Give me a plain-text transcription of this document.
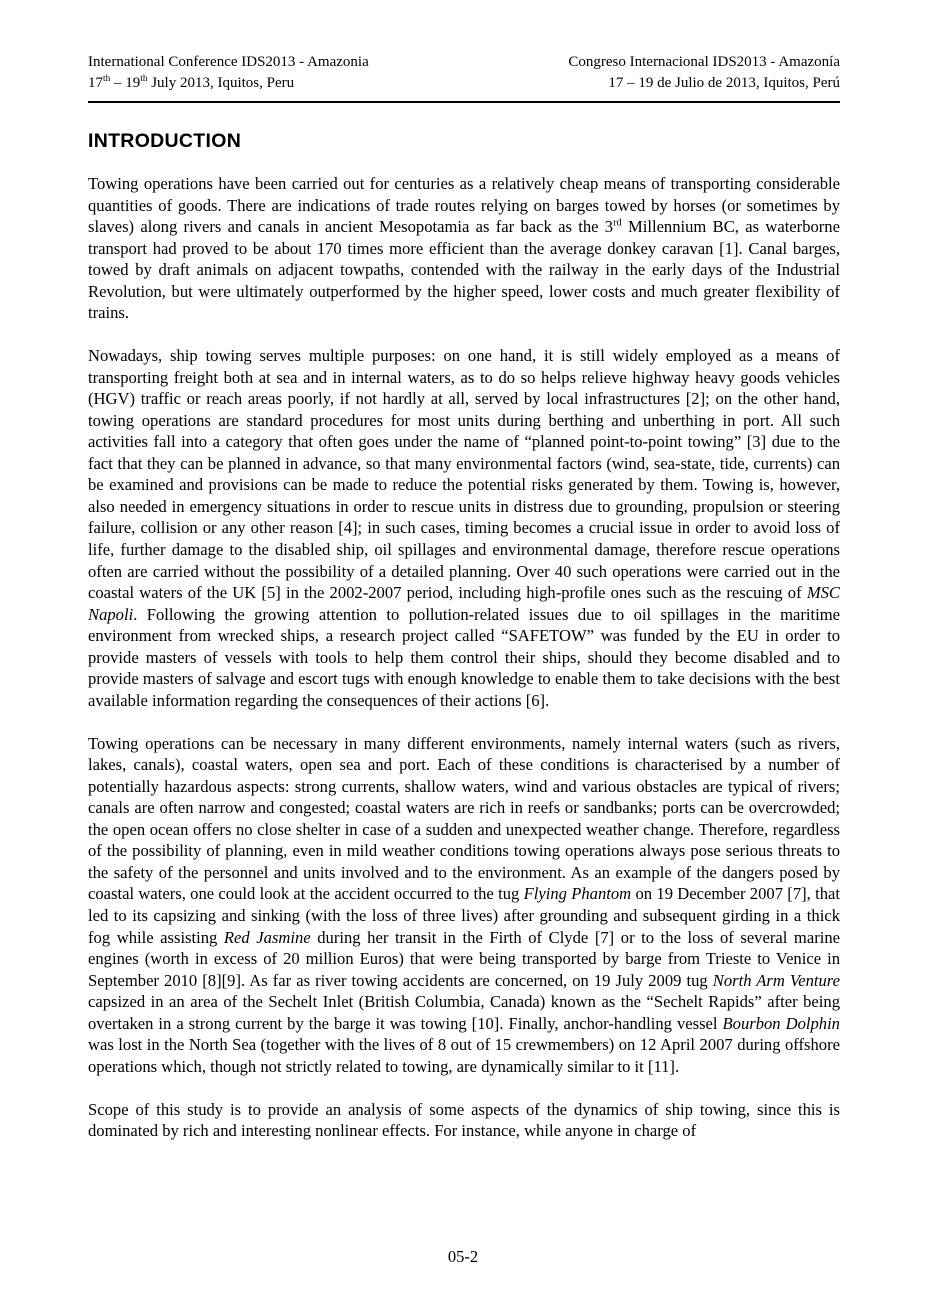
International Conference IDS2013 - Amazonia
17th – 19th July 2013, Iquitos, Peru
Congreso Internacional IDS2013 - Amazonía
17 – 19 de Julio de 2013, Iquitos, Perú
INTRODUCTION

Towing operations have been carried out for centuries as a relatively cheap means of transporting considerable quantities of goods. There are indications of trade routes relying on barges towed by horses (or sometimes by slaves) along rivers and canals in ancient Mesopotamia as far back as the 3rd Millennium BC, as waterborne transport had proved to be about 170 times more efficient than the average donkey caravan [1]. Canal barges, towed by draft animals on adjacent towpaths, contended with the railway in the early days of the Industrial Revolution, but were ultimately outperformed by the higher speed, lower costs and much greater flexibility of trains.

Nowadays, ship towing serves multiple purposes: on one hand, it is still widely employed as a means of transporting freight both at sea and in internal waters, as to do so helps relieve highway heavy goods vehicles (HGV) traffic or reach areas poorly, if not hardly at all, served by local infrastructures [2]; on the other hand, towing operations are standard procedures for most units during berthing and unberthing in port. All such activities fall into a category that often goes under the name of “planned point-to-point towing” [3] due to the fact that they can be planned in advance, so that many environmental factors (wind, sea-state, tide, currents) can be examined and provisions can be made to reduce the potential risks generated by them. Towing is, however, also needed in emergency situations in order to rescue units in distress due to grounding, propulsion or steering failure, collision or any other reason [4]; in such cases, timing becomes a crucial issue in order to avoid loss of life, further damage to the disabled ship, oil spillages and environmental damage, therefore rescue operations often are carried without the possibility of a detailed planning. Over 40 such operations were carried out in the coastal waters of the UK [5] in the 2002-2007 period, including high-profile ones such as the rescuing of MSC Napoli. Following the growing attention to pollution-related issues due to oil spillages in the maritime environment from wrecked ships, a research project called “SAFETOW” was funded by the EU in order to provide masters of vessels with tools to help them control their ships, should they become disabled and to provide masters of salvage and escort tugs with enough knowledge to enable them to take decisions with the best available information regarding the consequences of their actions [6].

Towing operations can be necessary in many different environments, namely internal waters (such as rivers, lakes, canals), coastal waters, open sea and port. Each of these conditions is characterised by a number of potentially hazardous aspects: strong currents, shallow waters, wind and various obstacles are typical of rivers; canals are often narrow and congested; coastal waters are rich in reefs or sandbanks; ports can be overcrowded; the open ocean offers no close shelter in case of a sudden and unexpected weather change. Therefore, regardless of the possibility of planning, even in mild weather conditions towing operations always pose serious threats to the safety of the personnel and units involved and to the environment. As an example of the dangers posed by coastal waters, one could look at the accident occurred to the tug Flying Phantom on 19 December 2007 [7], that led to its capsizing and sinking (with the loss of three lives) after grounding and subsequent girding in a thick fog while assisting Red Jasmine during her transit in the Firth of Clyde [7] or to the loss of several marine engines (worth in excess of 20 million Euros) that were being transported by barge from Trieste to Venice in September 2010 [8][9]. As far as river towing accidents are concerned, on 19 July 2009 tug North Arm Venture capsized in an area of the Sechelt Inlet (British Columbia, Canada) known as the “Sechelt Rapids” after being overtaken in a strong current by the barge it was towing [10]. Finally, anchor-handling vessel Bourbon Dolphin was lost in the North Sea (together with the lives of 8 out of 15 crewmembers) on 12 April 2007 during offshore operations which, though not strictly related to towing, are dynamically similar to it [11].

Scope of this study is to provide an analysis of some aspects of the dynamics of ship towing, since this is dominated by rich and interesting nonlinear effects. For instance, while anyone in charge of

05-2
